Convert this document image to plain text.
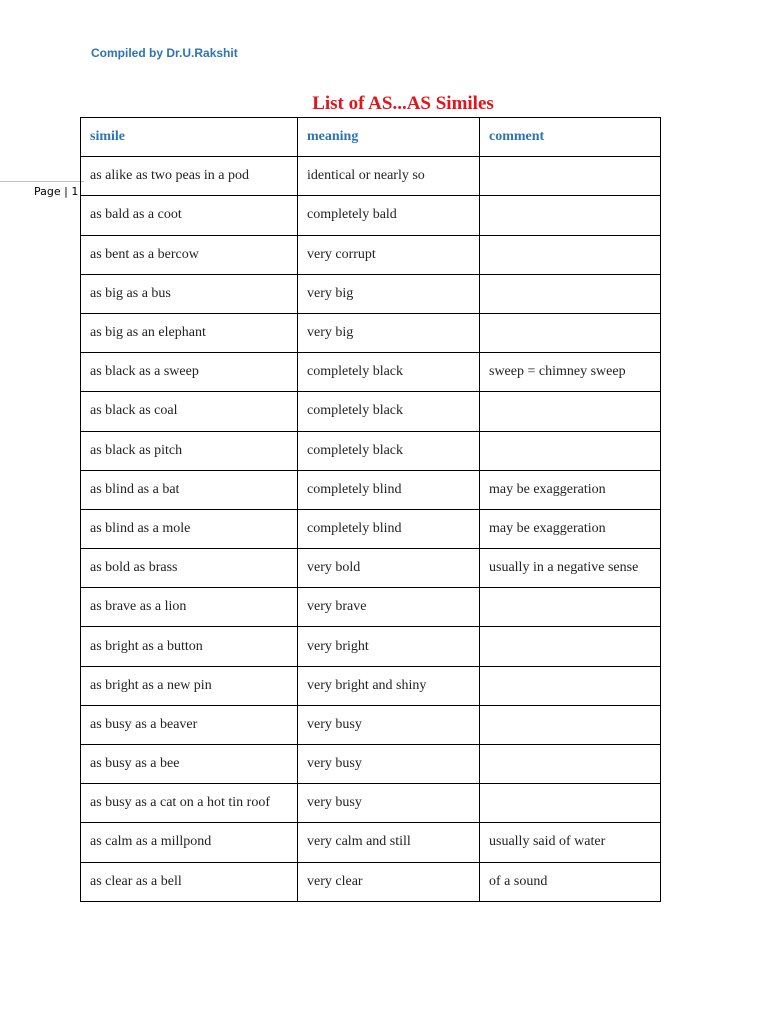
Compiled by Dr.U.Rakshit
Page | 1
List of AS...AS Similes
simile	meaning	comment
as alike as two peas in a pod	identical or nearly so	
as bald as a coot	completely bald	
as bent as a bercow	very corrupt	
as big as a bus	very big	
as big as an elephant	very big	
as black as a sweep	completely black	sweep = chimney sweep
as black as coal	completely black	
as black as pitch	completely black	
as blind as a bat	completely blind	may be exaggeration
as blind as a mole	completely blind	may be exaggeration
as bold as brass	very bold	usually in a negative sense
as brave as a lion	very brave	
as bright as a button	very bright	
as bright as a new pin	very bright and shiny	
as busy as a beaver	very busy	
as busy as a bee	very busy	
as busy as a cat on a hot tin roof	very busy	
as calm as a millpond	very calm and still	usually said of water
as clear as a bell	very clear	of a sound
